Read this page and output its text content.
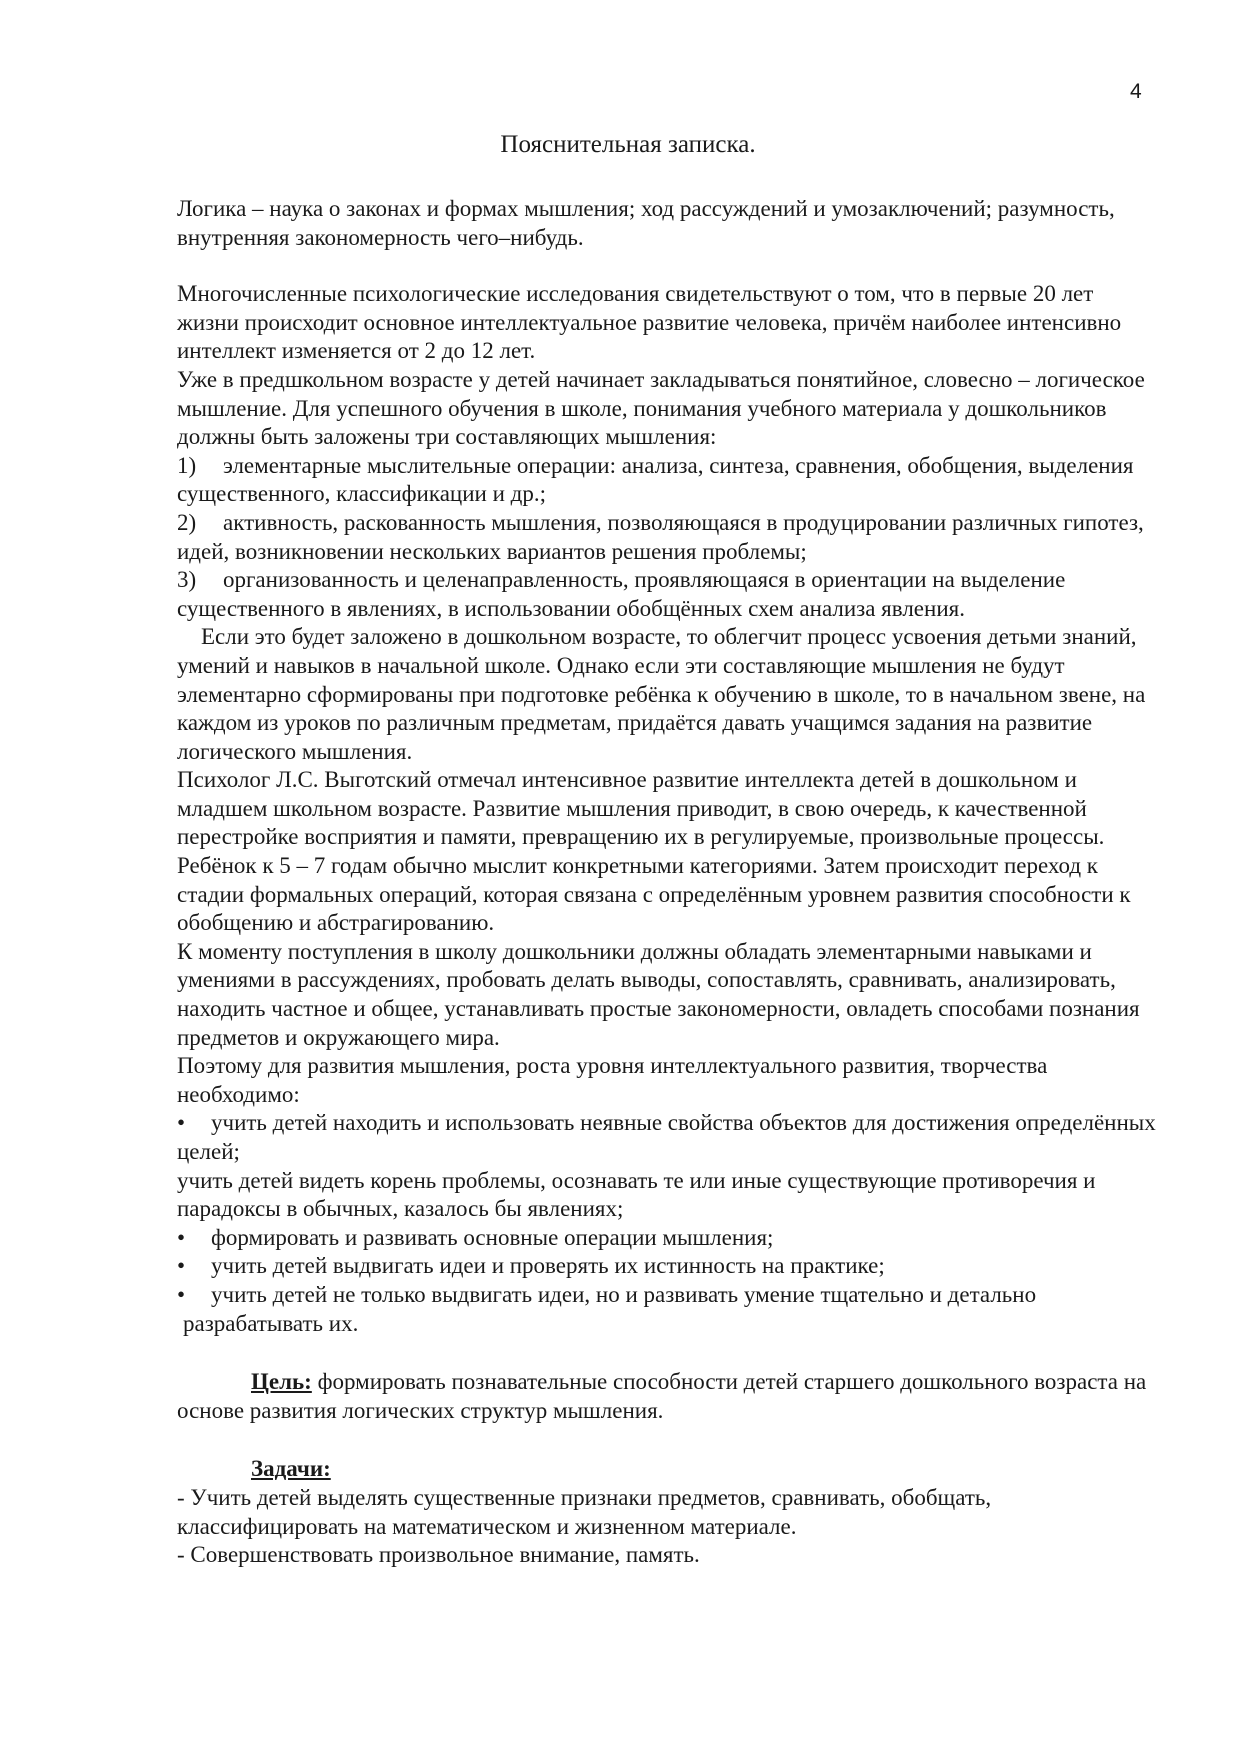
4
Пояснительная записка.

Логика – наука о законах и формах мышления; ход рассуждений и умозаключений; разумность, внутренняя закономерность чего–нибудь.

Многочисленные психологические исследования свидетельствуют о том, что в первые 20 лет жизни происходит основное интеллектуальное развитие человека, причём наиболее интенсивно интеллект изменяется от 2 до 12 лет.

Уже в предшкольном возрасте у детей начинает закладываться понятийное, словесно – логическое мышление. Для успешного обучения в школе, понимания учебного материала у дошкольников должны быть заложены три составляющих мышления:

1) элементарные мыслительные операции: анализа, синтеза, сравнения, обобщения, выделения существенного, классификации и др.;

2) активность, раскованность мышления, позволяющаяся в продуцировании различных гипотез, идей, возникновении нескольких вариантов решения проблемы;

3) организованность и целенаправленность, проявляющаяся в ориентации на выделение существенного в явлениях, в использовании обобщённых схем анализа явления.

Если это будет заложено в дошкольном возрасте, то облегчит процесс усвоения детьми знаний, умений и навыков в начальной школе. Однако если эти составляющие мышления не будут элементарно сформированы при подготовке ребёнка к обучению в школе, то в начальном звене, на каждом из уроков по различным предметам, придаётся давать учащимся задания на развитие логического мышления.

Психолог Л.С. Выготский отмечал интенсивное развитие интеллекта детей в дошкольном и младшем школьном возрасте. Развитие мышления приводит, в свою очередь, к качественной перестройке восприятия и памяти, превращению их в регулируемые, произвольные процессы.

Ребёнок к 5 – 7 годам обычно мыслит конкретными категориями. Затем происходит переход к стадии формальных операций, которая связана с определённым уровнем развития способности к обобщению и абстрагированию.

К моменту поступления в школу дошкольники должны обладать элементарными навыками и умениями в рассуждениях, пробовать делать выводы, сопоставлять, сравнивать, анализировать, находить частное и общее, устанавливать простые закономерности, овладеть способами познания предметов и окружающего мира.

Поэтому для развития мышления, роста уровня интеллектуального развития, творчества необходимо:

• учить детей находить и использовать неявные свойства объектов для достижения определённых целей;

учить детей видеть корень проблемы, осознавать те или иные существующие противоречия и парадоксы в обычных, казалось бы явлениях;

• формировать и развивать основные операции мышления;

• учить детей выдвигать идеи и проверять их истинность на практике;

• учить детей не только выдвигать идеи, но и развивать умение тщательно и детально

разрабатывать их.

Цель: формировать познавательные способности детей старшего дошкольного возраста на основе развития логических структур мышления.

Задачи:

- Учить детей выделять существенные признаки предметов, сравнивать, обобщать, классифицировать на математическом и жизненном материале.

- Совершенствовать произвольное внимание, память.
